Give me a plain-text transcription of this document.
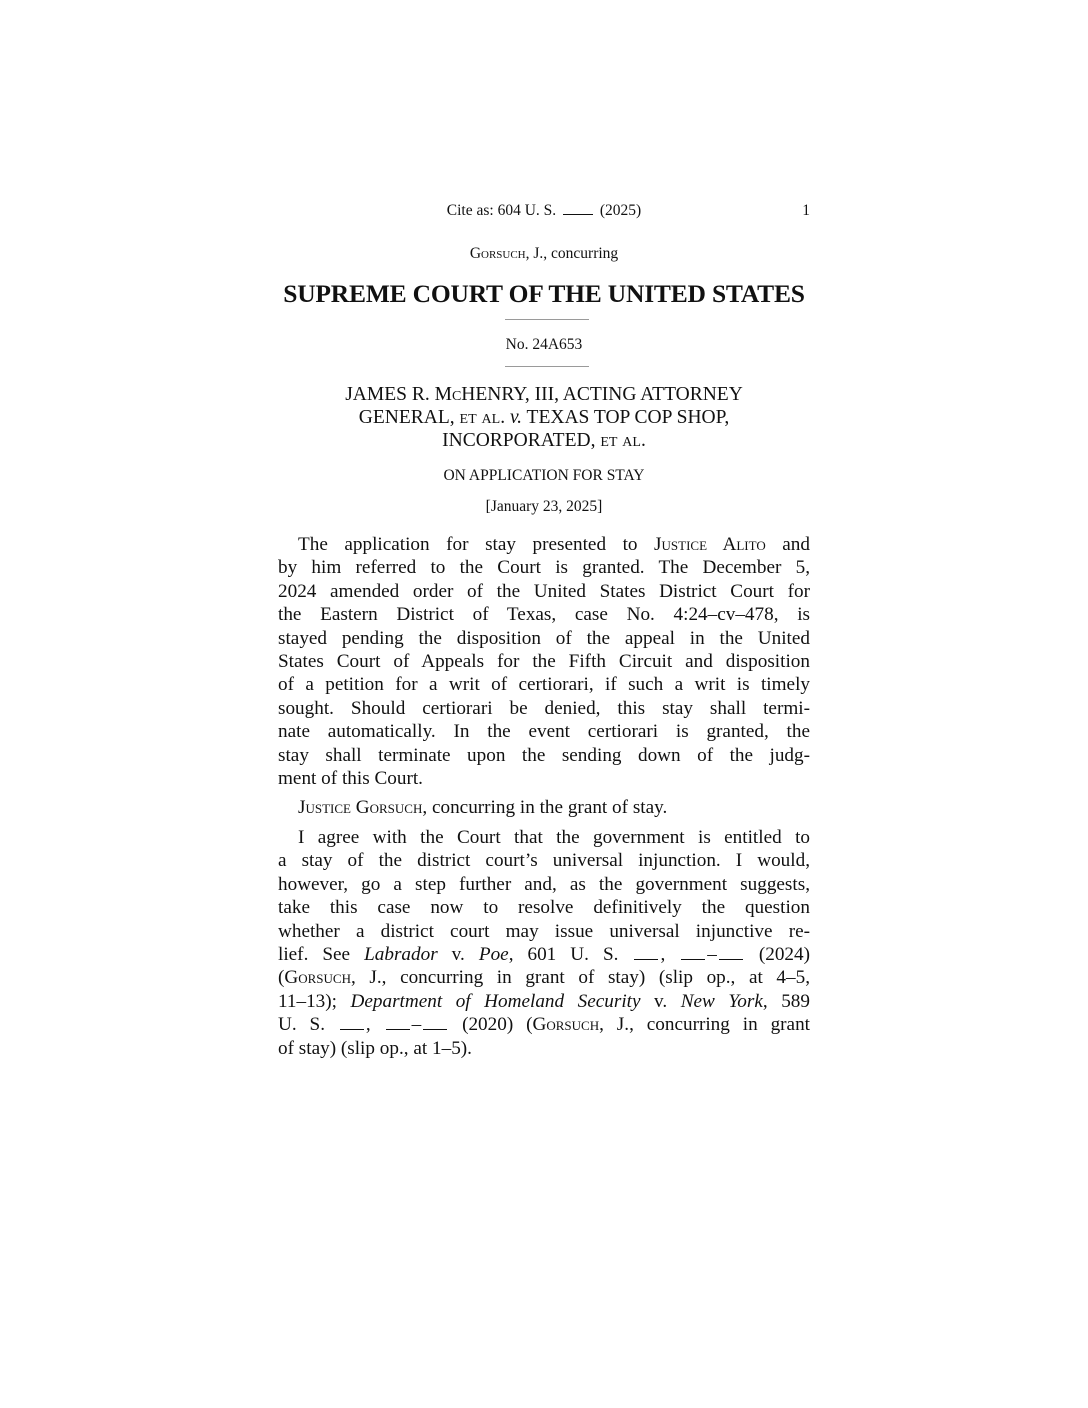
Cite as: 604 U. S.	(2025)	1
Gorsuch, J., concurring
SUPREME COURT OF THE UNITED STATES
No. 24A653
JAMES R. McHENRY, III, ACTING ATTORNEY
GENERAL, et al. v. TEXAS TOP COP SHOP,
INCORPORATED, et al.
ON APPLICATION FOR STAY
[January 23, 2025]
The application for stay presented to Justice Alito and
by him referred to the Court is granted. The December 5,
2024 amended order of the United States District Court for
the Eastern District of Texas, case No. 4:24–cv–478, is
stayed pending the disposition of the appeal in the United
States Court of Appeals for the Fifth Circuit and disposition
of a petition for a writ of certiorari, if such a writ is timely
sought. Should certiorari be denied, this stay shall termi-
nate automatically. In the event certiorari is granted, the
stay shall terminate upon the sending down of the judg-
ment of this Court.
Justice Gorsuch, concurring in the grant of stay.
I agree with the Court that the government is entitled to
a stay of the district court’s universal injunction. I would,
however, go a step further and, as the government suggests,
take this case now to resolve definitively the question
whether a district court may issue universal injunctive re-
lief. See Labrador v. Poe, 601 U. S. , – (2024)
(Gorsuch, J., concurring in grant of stay) (slip op., at 4–5,
11–13); Department of Homeland Security v. New York, 589
U. S. , – (2020) (Gorsuch, J., concurring in grant
of stay) (slip op., at 1–5).
